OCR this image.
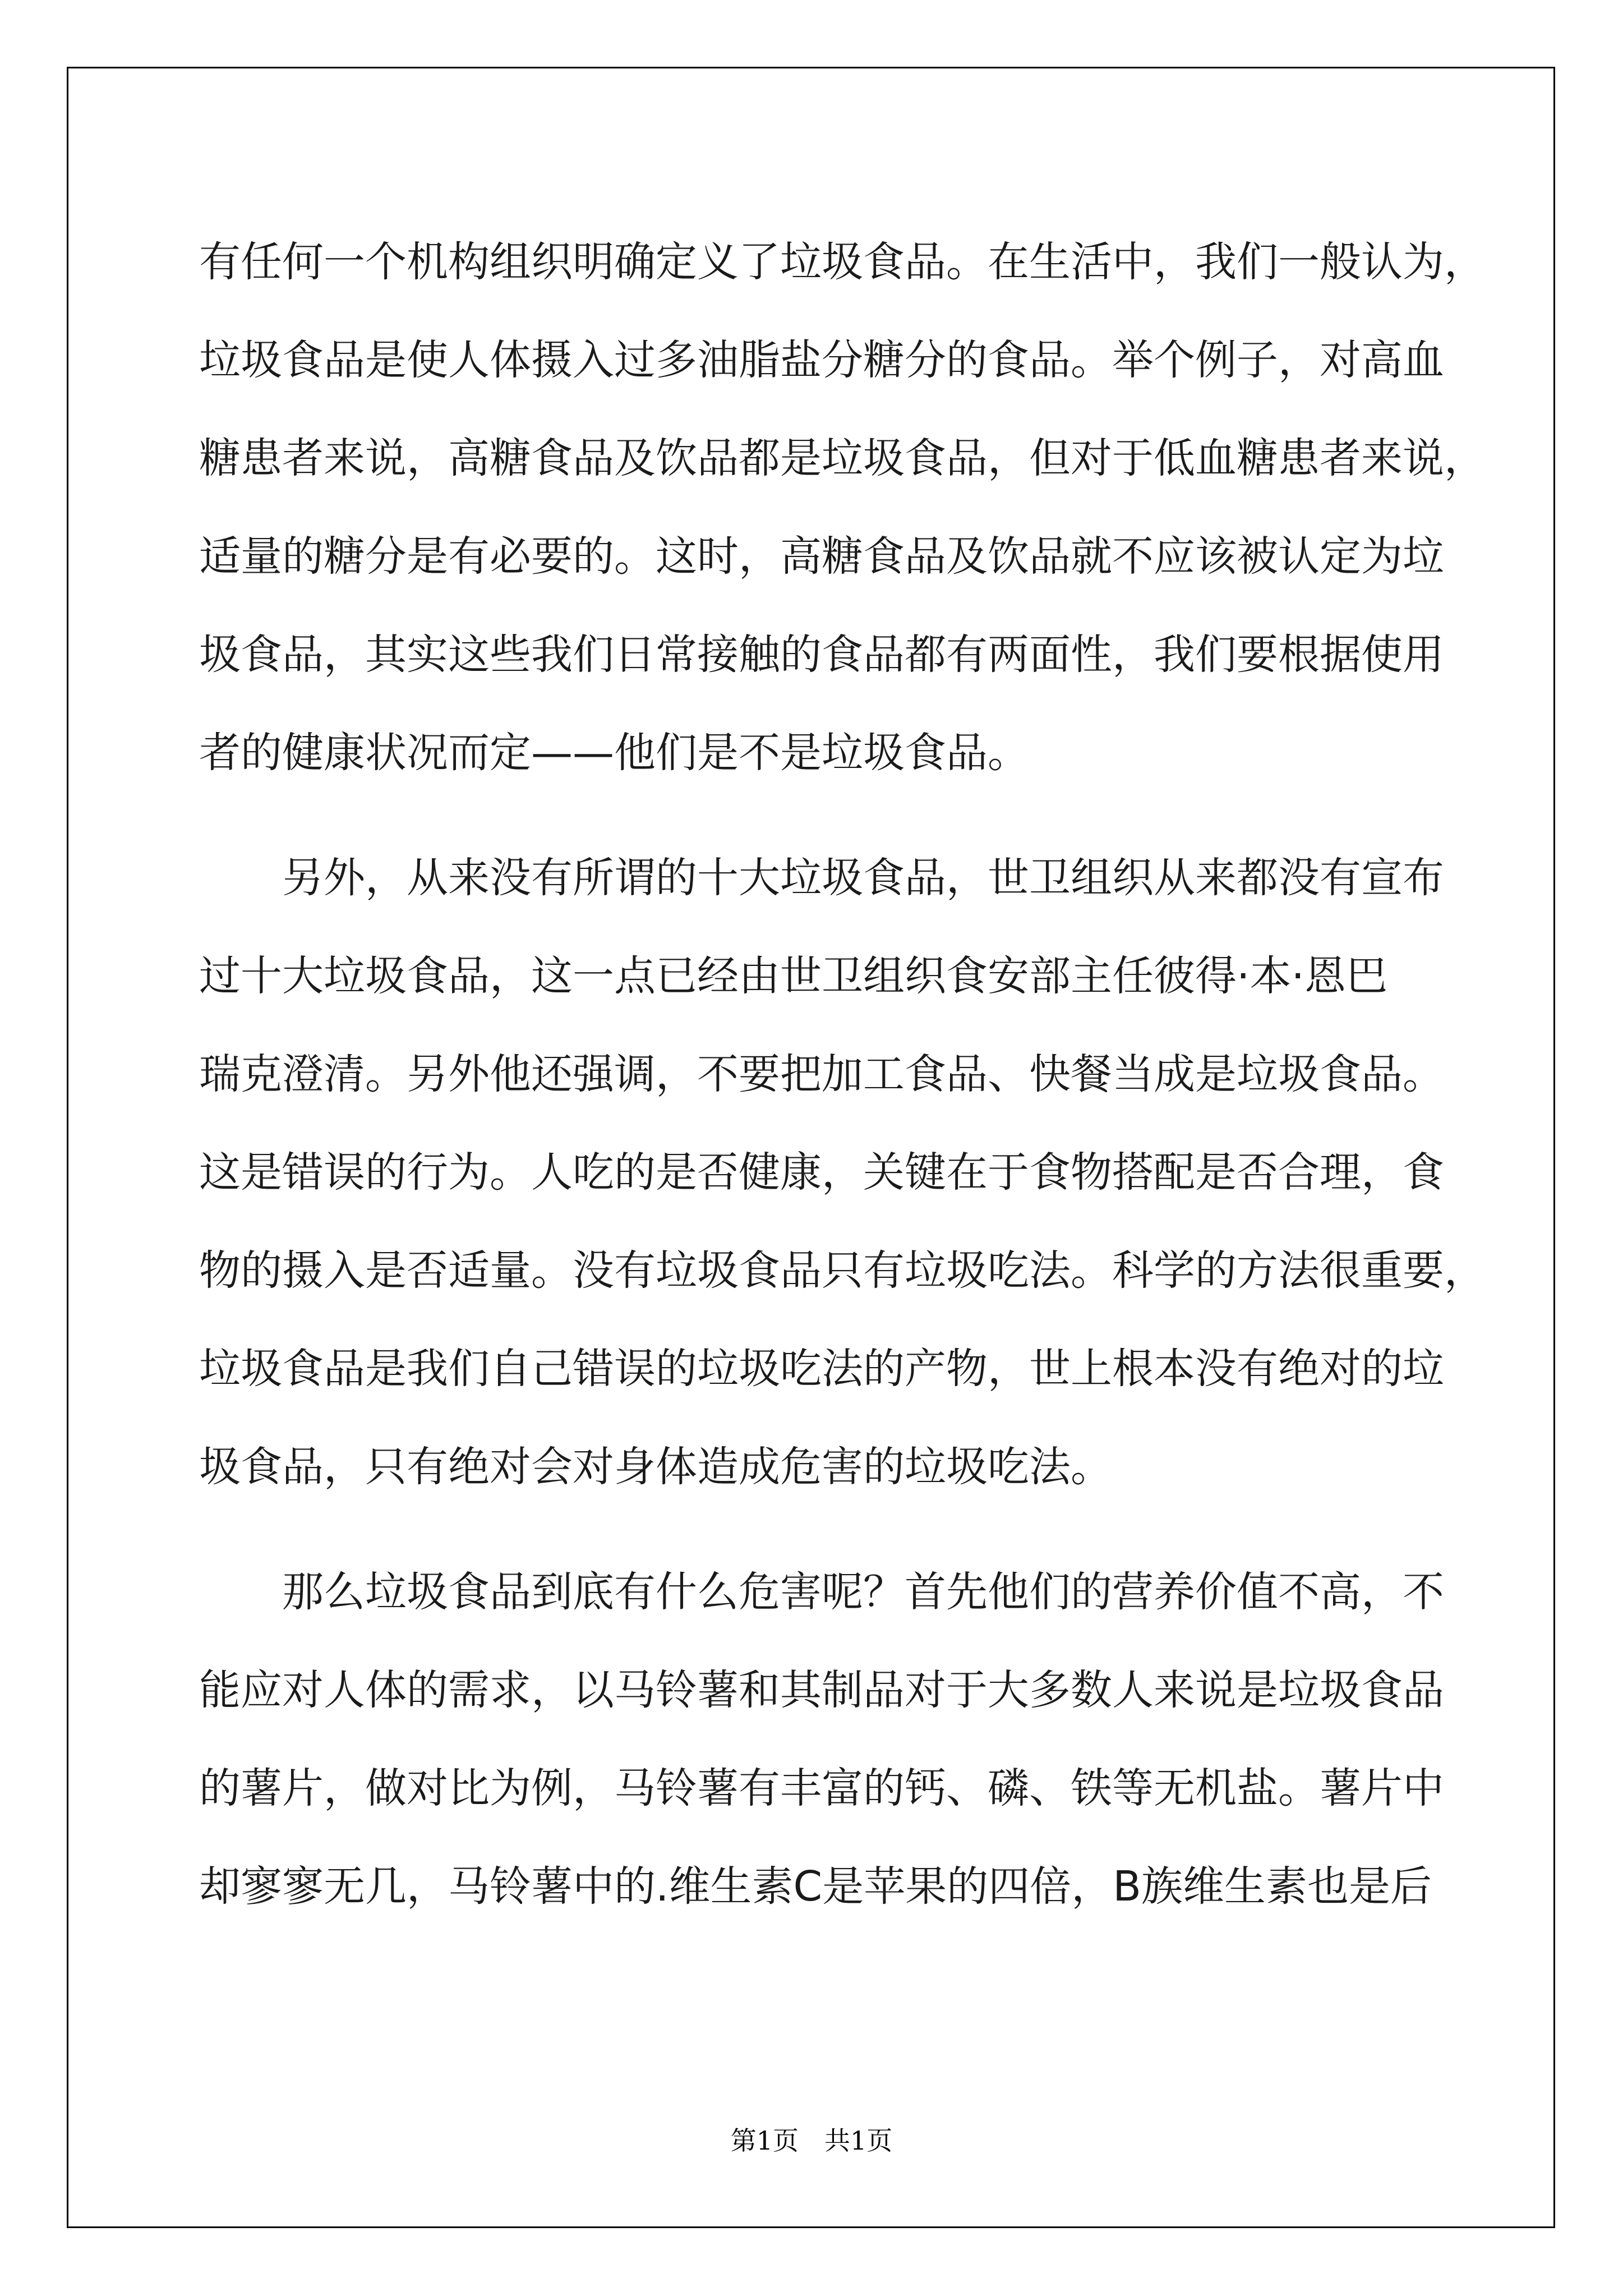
有任何一个机构组织明确定义了垃圾食品。在生活中，我们一般认为，
垃圾食品是使人体摄入过多油脂盐分糖分的食品。举个例子，对高血
糖患者来说，高糖食品及饮品都是垃圾食品，但对于低血糖患者来说，
适量的糖分是有必要的。这时，高糖食品及饮品就不应该被认定为垃
圾食品，其实这些我们日常接触的食品都有两面性，我们要根据使用
者的健康状况而定——他们是不是垃圾食品。
另外，从来没有所谓的十大垃圾食品，世卫组织从来都没有宣布
过十大垃圾食品，这一点已经由世卫组织食安部主任彼得·本·恩巴
瑞克澄清。另外他还强调，不要把加工食品、快餐当成是垃圾食品。
这是错误的行为。人吃的是否健康，关键在于食物搭配是否合理，食
物的摄入是否适量。没有垃圾食品只有垃圾吃法。科学的方法很重要，
垃圾食品是我们自己错误的垃圾吃法的产物，世上根本没有绝对的垃
圾食品，只有绝对会对身体造成危害的垃圾吃法。
那么垃圾食品到底有什么危害呢？首先他们的营养价值不高，不
能应对人体的需求，以马铃薯和其制品对于大多数人来说是垃圾食品
的薯片，做对比为例，马铃薯有丰富的钙、磷、铁等无机盐。薯片中
却寥寥无几，马铃薯中的.维生素C是苹果的四倍，B族维生素也是后
第1页　共1页
